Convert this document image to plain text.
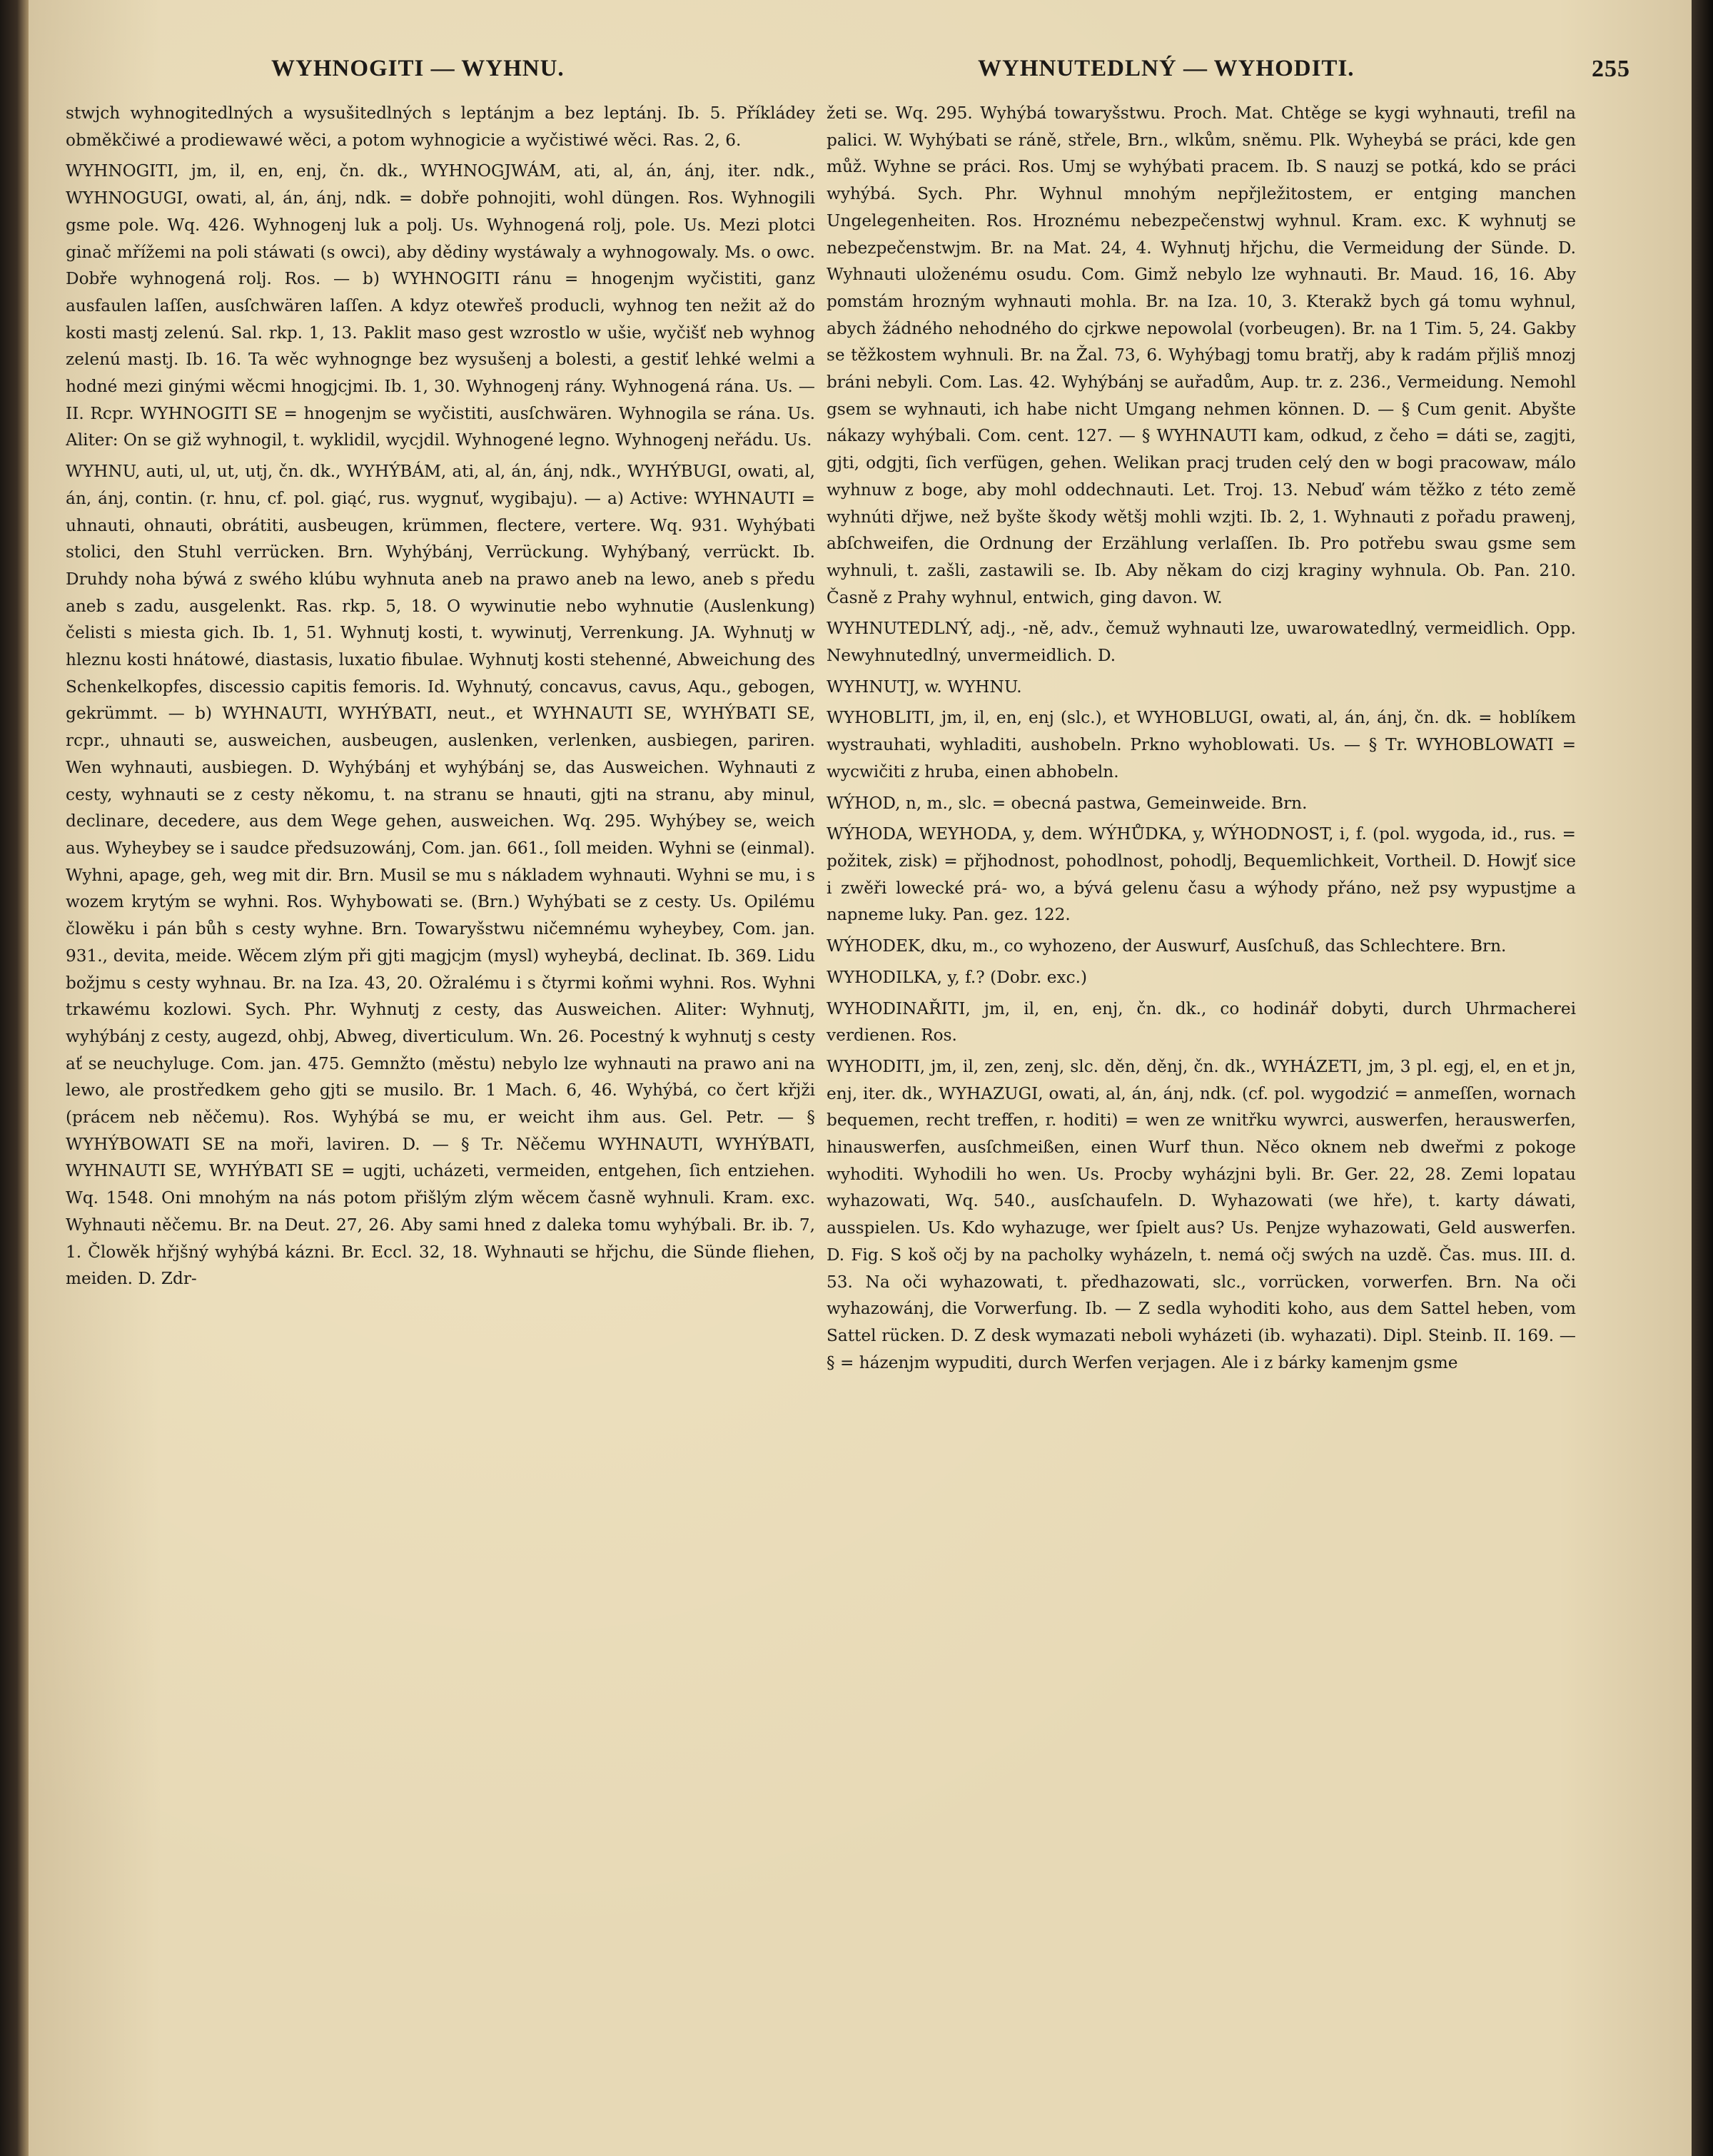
WYHNOGITI — WYHNU.	WYHNUTEDLNÝ — WYHODITI.	255

stwjch wyhnogitedlných a wysušitedlných s leptánjm a bez leptánj. Ib. 5. Příkládey obměkčiwé a prodiewawé wěci, a potom wyhnogicie a wyčistiwé wěci. Ras. 2, 6.

WYHNOGITI, jm, il, en, enj, čn. dk., WYHNOGJWÁM, ati, al, án, ánj, iter. ndk., WYHNOGUGI, owati, al, án, ánj, ndk. = dobře pohnojiti, wohl düngen. Ros. Wyhnogili gsme pole. Wq. 426. Wyhnogenj luk a polj. Us. Wyhnogená rolj, pole. Us. Mezi plotci ginač mřížemi na poli stáwati (s owci), aby dědiny wystáwaly a wyhnogowaly. Ms. o owc. Dobře wyhnogená rolj. Ros. — b) WYHNOGITI ránu = hnogenjm wyčistiti, ganz ausfaulen laſſen, ausſchwären laſſen. A kdyz otewřeš producli, wyhnog ten nežit až do kosti mastj zelenú. Sal. rkp. 1, 13. Paklit maso gest wzrostlo w ušie, wyčišť neb wyhnog zelenú mastj. Ib. 16. Ta wěc wyhnognge bez wysušenj a bolesti, a gestiť lehké welmi a hodné mezi ginými wěcmi hnogjcjmi. Ib. 1, 30. Wyhnogenj rány. Wyhnogená rána. Us. — II. Rcpr. WYHNOGITI SE = hnogenjm se wyčistiti, ausſchwären. Wyhnogila se rána. Us. Aliter: On se giž wyhnogil, t. wyklidil, wycjdil. Wyhnogené legno. Wyhnogenj neřádu. Us.

WYHNU, auti, ul, ut, utj, čn. dk., WYHÝBÁM, ati, al, án, ánj, ndk., WYHÝBUGI, owati, al, án, ánj, contin. (r. hnu, cf. pol. giąć, rus. wygnuť, wygibaju). — a) Active: WYHNAUTI = uhnauti, ohnauti, obrátiti, ausbeugen, krümmen, flectere, vertere. Wq. 931. Wyhýbati stolici, den Stuhl verrücken. Brn. Wyhýbánj, Verrückung. Wyhýbaný, verrückt. Ib. Druhdy noha býwá z swého klúbu wyhnuta aneb na prawo aneb na lewo, aneb s předu aneb s zadu, ausgelenkt. Ras. rkp. 5, 18. O wywinutie nebo wyhnutie (Auslenkung) čelisti s miesta gich. Ib. 1, 51. Wyhnutj kosti, t. wywinutj, Verrenkung. JA. Wyhnutj w hleznu kosti hnátowé, diastasis, luxatio fibulae. Wyhnutj kosti stehenné, Abweichung des Schenkelkopfes, discessio capitis femoris. Id. Wyhnutý, concavus, cavus, Aqu., gebogen, gekrümmt. — b) WYHNAUTI, WYHÝBATI, neut., et WYHNAUTI SE, WYHÝBATI SE, rcpr., uhnauti se, ausweichen, ausbeugen, auslenken, verlenken, ausbiegen, pariren. Wen wyhnauti, ausbiegen. D. Wyhýbánj et wyhýbánj se, das Ausweichen. Wyhnauti z cesty, wyhnauti se z cesty někomu, t. na stranu se hnauti, gjti na stranu, aby minul, declinare, decedere, aus dem Wege gehen, ausweichen. Wq. 295. Wyhýbey se, weich aus. Wyheybey se i saudce předsuzowánj, Com. jan. 661., ſoll meiden. Wyhni se (einmal). Wyhni, apage, geh, weg mit dir. Brn. Musil se mu s nákladem wyhnauti. Wyhni se mu, i s wozem krytým se wyhni. Ros. Wyhybowati se. (Brn.) Wyhýbati se z cesty. Us. Opilému člowěku i pán bůh s cesty wyhne. Brn. Towaryšstwu ničemnému wyheybey, Com. jan. 931., devita, meide. Wěcem zlým při gjti magjcjm (mysl) wyheybá, declinat. Ib. 369. Lidu božjmu s cesty wyhnau. Br. na Iza. 43, 20. Ožralému i s čtyrmi koňmi wyhni. Ros. Wyhni trkawému kozlowi. Sych. Phr. Wyhnutj z cesty, das Ausweichen. Aliter: Wyhnutj, wyhýbánj z cesty, augezd, ohbj, Abweg, diverticulum. Wn. 26. Pocestný k wyhnutj s cesty ať se neuchyluge. Com. jan. 475. Gemnžto (městu) nebylo lze wyhnauti na prawo ani na lewo, ale prostředkem geho gjti se musilo. Br. 1 Mach. 6, 46. Wyhýbá, co čert křjži (prácem neb něčemu). Ros. Wyhýbá se mu, er weicht ihm aus. Gel. Petr. — § WYHÝBOWATI SE na moři, laviren. D. — § Tr. Něčemu WYHNAUTI, WYHÝBATI, WYHNAUTI SE, WYHÝBATI SE = ugjti, ucházeti, vermeiden, entgehen, ſich entziehen. Wq. 1548. Oni mnohým na nás potom přišlým zlým wěcem časně wyhnuli. Kram. exc. Wyhnauti něčemu. Br. na Deut. 27, 26. Aby sami hned z daleka tomu wyhýbali. Br. ib. 7, 1. Člowěk hřjšný wyhýbá kázni. Br. Eccl. 32, 18. Wyhnauti se hřjchu, die Sünde fliehen, meiden. D. Zdr-

žeti se. Wq. 295. Wyhýbá towaryšstwu. Proch. Mat. Chtěge se kygi wyhnauti, trefil na palici. W. Wyhýbati se ráně, střele, Brn., wlkům, sněmu. Plk. Wyheybá se práci, kde gen můž. Wyhne se práci. Ros. Umj se wyhýbati pracem. Ib. S nauzj se potká, kdo se práci wyhýbá. Sych. Phr. Wyhnul mnohým nepřjležitostem, er entging manchen Ungelegenheiten. Ros. Hroznému nebezpečenstwj wyhnul. Kram. exc. K wyhnutj se nebezpečenstwjm. Br. na Mat. 24, 4. Wyhnutj hřjchu, die Vermeidung der Sünde. D. Wyhnauti uloženému osudu. Com. Gimž nebylo lze wyhnauti. Br. Maud. 16, 16. Aby pomstám hrozným wyhnauti mohla. Br. na Iza. 10, 3. Kterakž bych gá tomu wyhnul, abych žádného nehodného do cjrkwe nepowolal (vorbeugen). Br. na 1 Tim. 5, 24. Gakby se těžkostem wyhnuli. Br. na Žal. 73, 6. Wyhýbagj tomu bratřj, aby k radám přjliš mnozj bráni nebyli. Com. Las. 42. Wyhýbánj se auřadům, Aup. tr. z. 236., Vermeidung. Nemohl gsem se wyhnauti, ich habe nicht Umgang nehmen können. D. — § Cum genit. Abyšte nákazy wyhýbali. Com. cent. 127. — § WYHNAUTI kam, odkud, z čeho = dáti se, zagjti, gjti, odgjti, ſich verfügen, gehen. Welikan pracj truden celý den w bogi pracowaw, málo wyhnuw z boge, aby mohl oddechnauti. Let. Troj. 13. Nebuď wám těžko z této země wyhnúti dřjwe, než byšte škody wětšj mohli wzjti. Ib. 2, 1. Wyhnauti z pořadu prawenj, abſchweifen, die Ordnung der Erzählung verlaſſen. Ib. Pro potřebu swau gsme sem wyhnuli, t. zašli, zastawili se. Ib. Aby někam do cizj kraginy wyhnula. Ob. Pan. 210. Časně z Prahy wyhnul, entwich, ging davon. W.

WYHNUTEDLNÝ, adj., -ně, adv., čemuž wyhnauti lze, uwarowatedlný, vermeidlich. Opp. Newyhnutedlný, unvermeidlich. D.

WYHNUTJ, w. WYHNU.

WYHOBLITI, jm, il, en, enj (slc.), et WYHOBLUGI, owati, al, án, ánj, čn. dk. = hoblíkem wystrauhati, wyhladiti, aushobeln. Prkno wyhoblowati. Us. — § Tr. WYHOBLOWATI = wycwičiti z hruba, einen abhobeln.

WÝHOD, n, m., slc. = obecná pastwa, Gemeinweide. Brn.

WÝHODA, WEYHODA, y, dem. WÝHŮDKA, y, WÝHODNOST, i, f. (pol. wygoda, id., rus. = požitek, zisk) = přjhodnost, pohodlnost, pohodlj, Bequemlichkeit, Vortheil. D. Howjť sice i zwěři lowecké prá- wo, a bývá gelenu času a wýhody přáno, než psy wypustjme a napneme luky. Pan. gez. 122.

WÝHODEK, dku, m., co wyhozeno, der Auswurf, Ausſchuß, das Schlechtere. Brn.

WYHODILKA, y, f.? (Dobr. exc.)

WYHODINAŘITI, jm, il, en, enj, čn. dk., co hodinář dobyti, durch Uhrmacherei verdienen. Ros.

WYHODITI, jm, il, zen, zenj, slc. děn, děnj, čn. dk., WYHÁZETI, jm, 3 pl. egj, el, en et jn, enj, iter. dk., WYHAZUGI, owati, al, án, ánj, ndk. (cf. pol. wygodzić = anmeſſen, wornach bequemen, recht treffen, r. hoditi) = wen ze wnitřku wywrci, auswerfen, herauswerfen, hinauswerfen, ausſchmeißen, einen Wurf thun. Něco oknem neb dweřmi z pokoge wyhoditi. Wyhodili ho wen. Us. Procby wyházjni byli. Br. Ger. 22, 28. Zemi lopatau wyhazowati, Wq. 540., ausſchaufeln. D. Wyhazowati (we hře), t. karty dáwati, ausspielen. Us. Kdo wyhazuge, wer ſpielt aus? Us. Penjze wyhazowati, Geld auswerfen. D. Fig. S koš očj by na pacholky wyházeln, t. nemá očj swých na uzdě. Čas. mus. III. d. 53. Na oči wyhazowati, t. předhazowati, slc., vorrücken, vorwerfen. Brn. Na oči wyhazowánj, die Vorwerfung. Ib. — Z sedla wyhoditi koho, aus dem Sattel heben, vom Sattel rücken. D. Z desk wymazati neboli wyházeti (ib. wyhazati). Dipl. Steinb. II. 169. — § = házenjm wypuditi, durch Werfen verjagen. Ale i z bárky kamenjm gsme
